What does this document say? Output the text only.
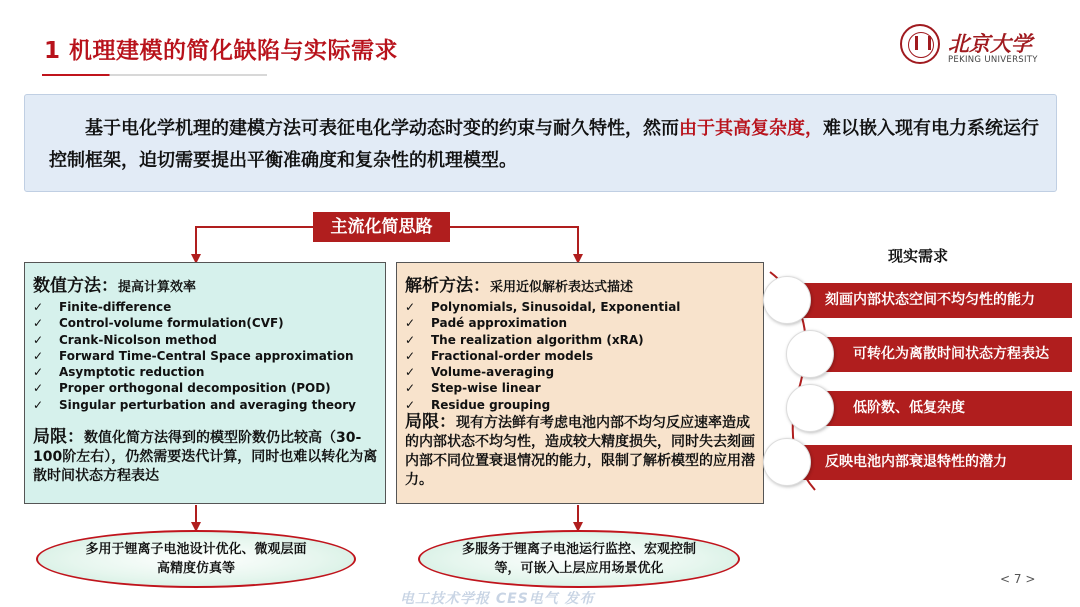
1 机理建模的简化缺陷与实际需求	北京大学
PEKING UNIVERSITY

基于电化学机理的建模方法可表征电化学动态时变的约束与耐久特性，然而由于其高复杂度，难以嵌入现有电力系统运行控制框架，迫切需要提出平衡准确度和复杂性的机理模型。

主流化简思路
数值方法：提高计算效率
✓ Finite-difference
✓ Control-volume formulation(CVF)
✓ Crank-Nicolson method
✓ Forward Time-Central Space approximation
✓ Asymptotic reduction
✓ Proper orthogonal decomposition (POD)
✓ Singular perturbation and averaging theory
局限：数值化简方法得到的模型阶数仍比较高（30-100阶左右），仍然需要迭代计算，同时也难以转化为离散时间状态方程表达
解析方法：采用近似解析表达式描述
✓ Polynomials, Sinusoidal, Exponential
✓ Padé approximation
✓ The realization algorithm (xRA)
✓ Fractional-order models
✓ Volume-averaging
✓ Step-wise linear
✓ Residue grouping
局限：现有方法鲜有考虑电池内部不均匀反应速率造成的内部状态不均匀性，造成较大精度损失，同时失去刻画内部不同位置衰退情况的能力，限制了解析模型的应用潜力。
多用于锂离子电池设计优化、微观层面高精度仿真等
多服务于锂离子电池运行监控、宏观控制等，可嵌入上层应用场景优化
现实需求
刻画内部状态空间不均匀性的能力
可转化为离散时间状态方程表达
低阶数、低复杂度
反映电池内部衰退特性的潜力
< 7 >
电工技术学报 CES电气 发布
